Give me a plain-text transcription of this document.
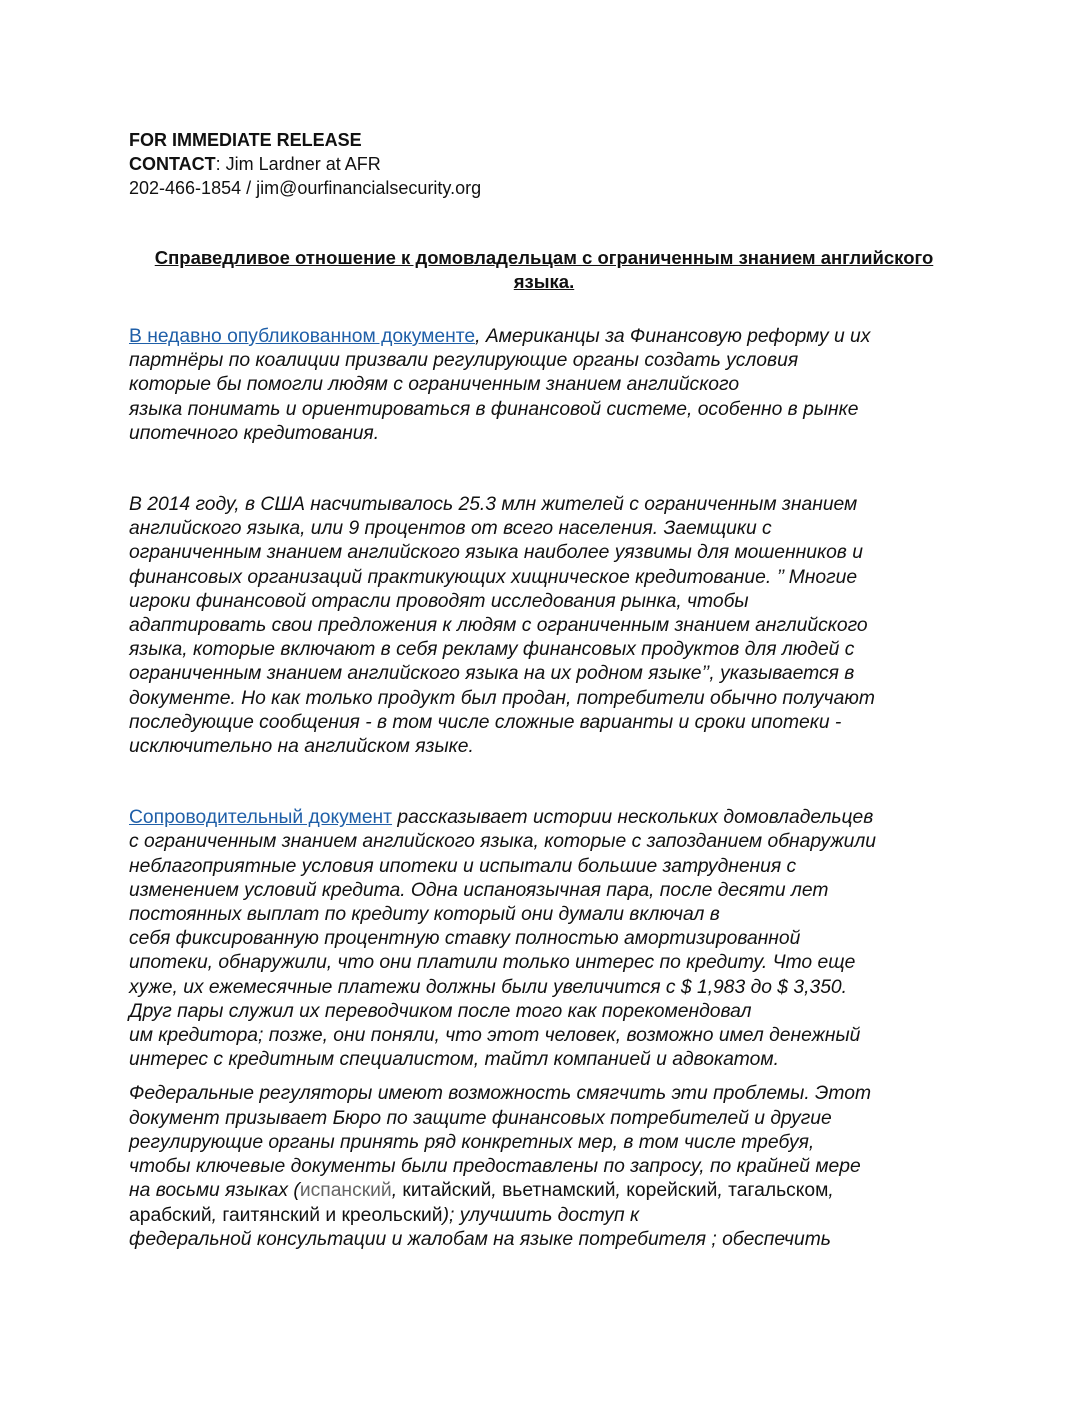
FOR IMMEDIATE RELEASE
CONTACT: Jim Lardner at AFR
202-466-1854 / jim@ourfinancialsecurity.org
Справедливое отношение к домовладельцам с ограниченным знанием английского языка.

В недавно опубликованном документе, Американцы за Финансовую реформу и их
партнёры по коалиции призвали регулирующие органы создать условия
которые бы помогли людям с ограниченным знанием английского
языка понимать и ориентироваться в финансовой системе, особенно в рынке
ипотечного кредитования.

В 2014 году, в США насчитывалось 25.3 млн жителей с ограниченным знанием
английского языка, или 9 процентов от всего населения. Заемщики с
ограниченным знанием английского языка наиболее уязвимы для мошенников и
финансовых организаций практикующих хищническое кредитование. ’’ Многие
игроки финансовой отрасли проводят исследования рынка, чтобы
адаптировать свои предложения к людям с ограниченным знанием английского
языка, которые включают в себя рекламу финансовых продуктов для людей с
ограниченным знанием английского языка на их родном языке’’, указывается в
документе. Но как только продукт был продан, потребители обычно получают
последующие сообщения - в том числе сложные варианты и сроки ипотеки -
исключительно на английском языке.

Сопроводительный документ рассказывает истории нескольких домовладельцев
с ограниченным знанием английского языка, которые с запозданием обнаружили
неблагоприятные условия ипотеки и испытали большие затруднения с
изменением условий кредита. Одна испаноязычная пара, после десяти лет
постоянных выплат по кредиту который они думали включал в
себя фиксированную процентную ставку полностью амортизированной
ипотеки, обнаружили, что они платили только интерес по кредиту. Что еще
хуже, их ежемесячные платежи должны были увеличится с $ 1,983 до $ 3,350.
Друг пары служил их переводчиком после того как порекомендовал
им кредитора; позже, они поняли, что этот человек, возможно имел денежный
интерес с кредитным специалистом, тайтл компанией и адвокатом.

Федеральные регуляторы имеют возможность смягчить эти проблемы. Этот
документ призывает Бюро по защите финансовых потребителей и другие
регулирующие органы принять ряд конкретных мер, в том числе требуя,
чтобы ключевые документы были предоставлены по запросу, по крайней мере
на восьми языках (испанский, китайский, вьетнамский, корейский, тагальском,
арабский, гаитянский и креольский); улучшить доступ к
федеральной консультации и жалобам на языке потребителя ; обеспечить
